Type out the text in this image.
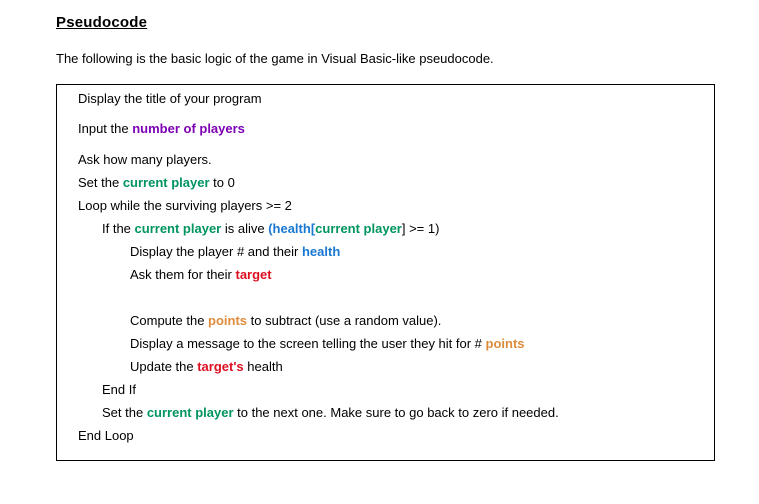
Pseudocode

The following is the basic logic of the game in Visual Basic-like pseudocode.

Display the title of your program
Input the number of players
Ask how many players.
Set the current player to 0
Loop while the surviving players >= 2
If the current player is alive (health[current player] >= 1)
Display the player # and their health
Ask them for their target
Compute the points to subtract (use a random value).
Display a message to the screen telling the user they hit for # points
Update the target's health
End If
Set the current player to the next one. Make sure to go back to zero if needed.
End Loop
